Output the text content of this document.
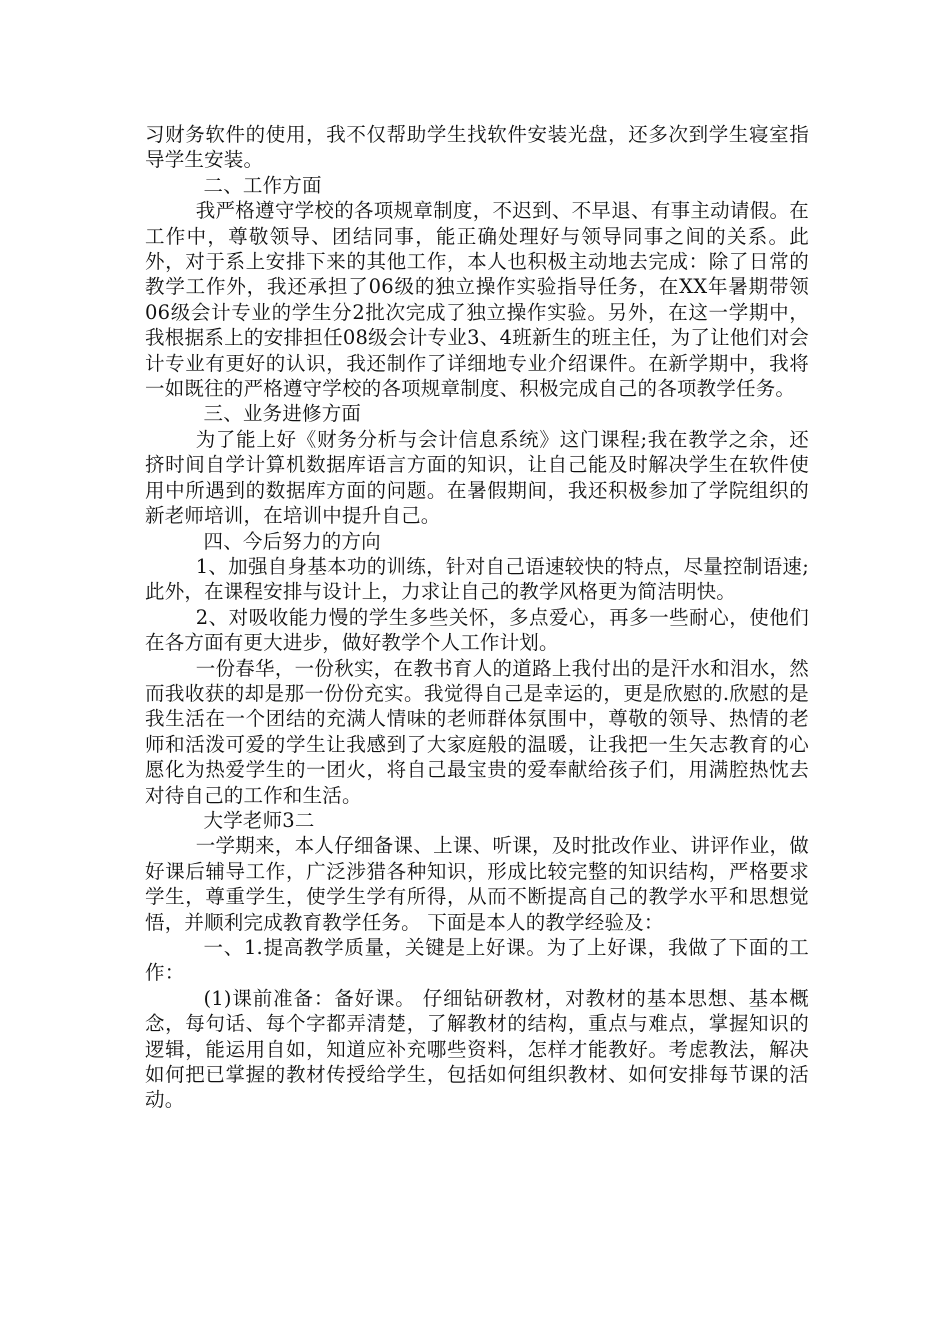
习财务软件的使用，我不仅帮助学生找软件安装光盘，还多次到学生寝室指导学生安装。

二、工作方面

我严格遵守学校的各项规章制度，不迟到、不早退、有事主动请假。在工作中，尊敬领导、团结同事，能正确处理好与领导同事之间的关系。此外，对于系上安排下来的其他工作，本人也积极主动地去完成：除了日常的教学工作外，我还承担了06级的独立操作实验指导任务，在XX年暑期带领06级会计专业的学生分2批次完成了独立操作实验。另外，在这一学期中，我根据系上的安排担任08级会计专业3、4班新生的班主任，为了让他们对会计专业有更好的认识，我还制作了详细地专业介绍课件。在新学期中，我将一如既往的严格遵守学校的各项规章制度、积极完成自己的各项教学任务。

三、业务进修方面

为了能上好《财务分析与会计信息系统》这门课程;我在教学之余，还挤时间自学计算机数据库语言方面的知识，让自己能及时解决学生在软件使用中所遇到的数据库方面的问题。在暑假期间，我还积极参加了学院组织的新老师培训，在培训中提升自己。

四、今后努力的方向

1、加强自身基本功的训练，针对自己语速较快的特点，尽量控制语速;此外，在课程安排与设计上，力求让自己的教学风格更为简洁明快。

2、对吸收能力慢的学生多些关怀，多点爱心，再多一些耐心，使他们在各方面有更大进步，做好教学个人工作计划。

一份春华，一份秋实，在教书育人的道路上我付出的是汗水和泪水，然而我收获的却是那一份份充实。我觉得自己是幸运的，更是欣慰的.欣慰的是我生活在一个团结的充满人情味的老师群体氛围中，尊敬的领导、热情的老师和活泼可爱的学生让我感到了大家庭般的温暖，让我把一生矢志教育的心愿化为热爱学生的一团火，将自己最宝贵的爱奉献给孩子们，用满腔热忱去对待自己的工作和生活。

大学老师3二

一学期来，本人仔细备课、上课、听课，及时批改作业、讲评作业，做好课后辅导工作，广泛涉猎各种知识，形成比较完整的知识结构，严格要求学生，尊重学生，使学生学有所得，从而不断提高自己的教学水平和思想觉悟，并顺利完成教育教学任务。 下面是本人的教学经验及：

一、1.提高教学质量，关键是上好课。为了上好课，我做了下面的工作：

(1)课前准备：备好课。 仔细钻研教材，对教材的基本思想、基本概念，每句话、每个字都弄清楚，了解教材的结构，重点与难点，掌握知识的逻辑，能运用自如，知道应补充哪些资料，怎样才能教好。考虑教法，解决如何把已掌握的教材传授给学生，包括如何组织教材、如何安排每节课的活动。
